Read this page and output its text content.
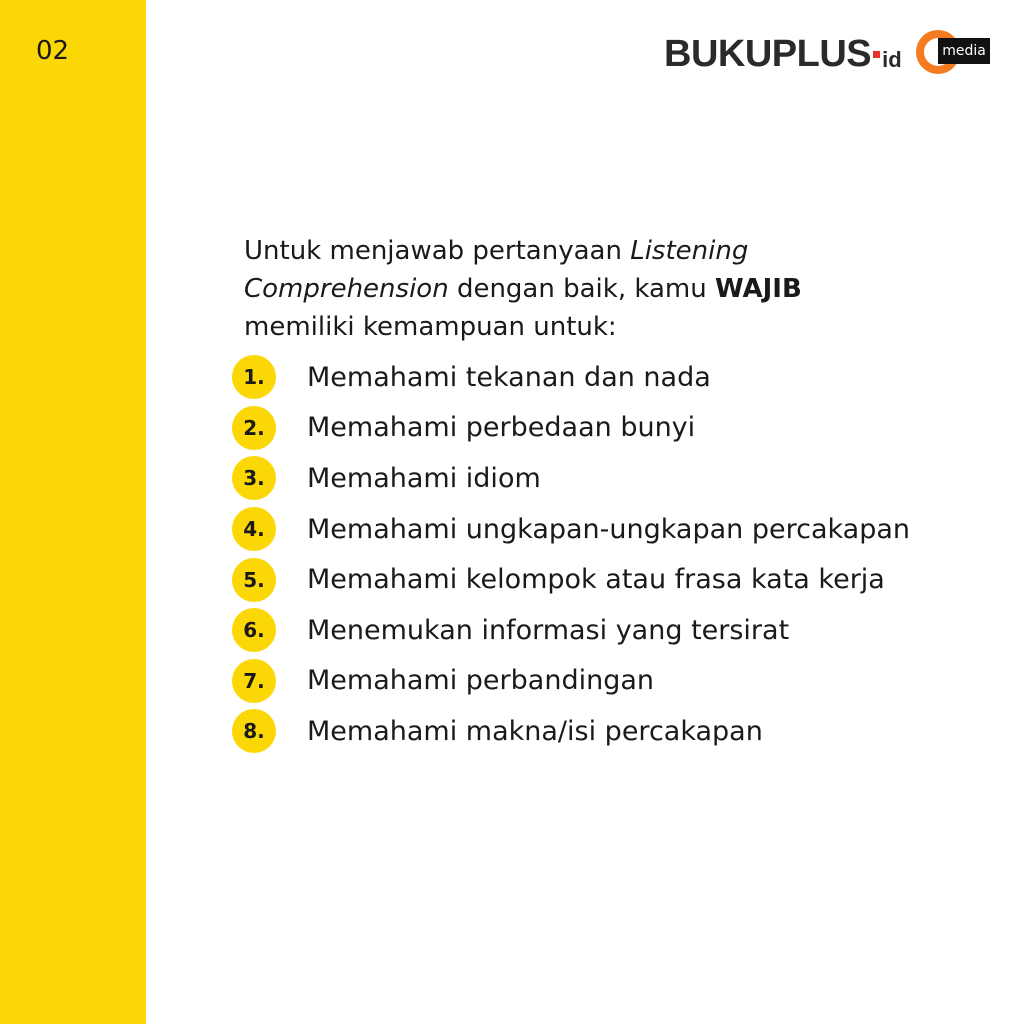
02	BUKUPLUS id	media
Untuk menjawab pertanyaan Listening Comprehension dengan baik, kamu WAJIB memiliki kemampuan untuk:
1.	Memahami tekanan dan nada
2.	Memahami perbedaan bunyi
3.	Memahami idiom
4.	Memahami ungkapan-ungkapan percakapan
5.	Memahami kelompok atau frasa kata kerja
6.	Menemukan informasi yang tersirat
7.	Memahami perbandingan
8.	Memahami makna/isi percakapan
